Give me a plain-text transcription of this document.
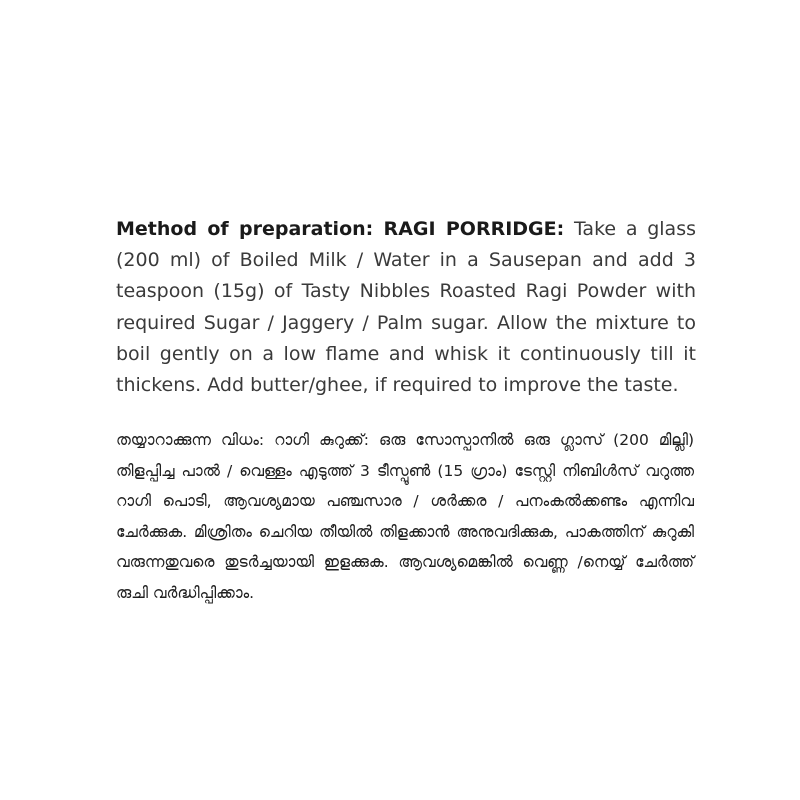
Method of preparation: RAGI PORRIDGE: Take a glass (200 ml) of Boiled Milk / Water in a Sausepan and add 3 teaspoon (15g) of Tasty Nibbles Roasted Ragi Powder with required Sugar / Jaggery / Palm sugar. Allow the mixture to boil gently on a low flame and whisk it continuously till it thickens. Add butter/ghee, if required to improve the taste.

തയ്യാറാക്കുന്ന വിധം: റാഗി കുറുക്ക്: ഒരു സോസ്പാനിൽ ഒരു ഗ്ലാസ് (200 മില്ലി) തിളപ്പിച്ച പാൽ / വെള്ളം എടുത്ത് 3 ടീസ്പൂൺ (15 ഗ്രാം) ടേസ്റ്റി നിബിൾസ് വറുത്ത റാഗി പൊടി, ആവശ്യമായ പഞ്ചസാര / ശർക്കര / പനംകൽക്കണ്ടം എന്നിവ ചേർക്കുക. മിശ്രിതം ചെറിയ തീയിൽ തിളക്കാൻ അനുവദിക്കുക, പാകത്തിന് കുറുകി വരുന്നതുവരെ തുടർച്ചയായി ഇളക്കുക. ആവശ്യമെങ്കിൽ വെണ്ണ /നെയ്യ് ചേർത്ത് രുചി വർദ്ധിപ്പിക്കാം.
